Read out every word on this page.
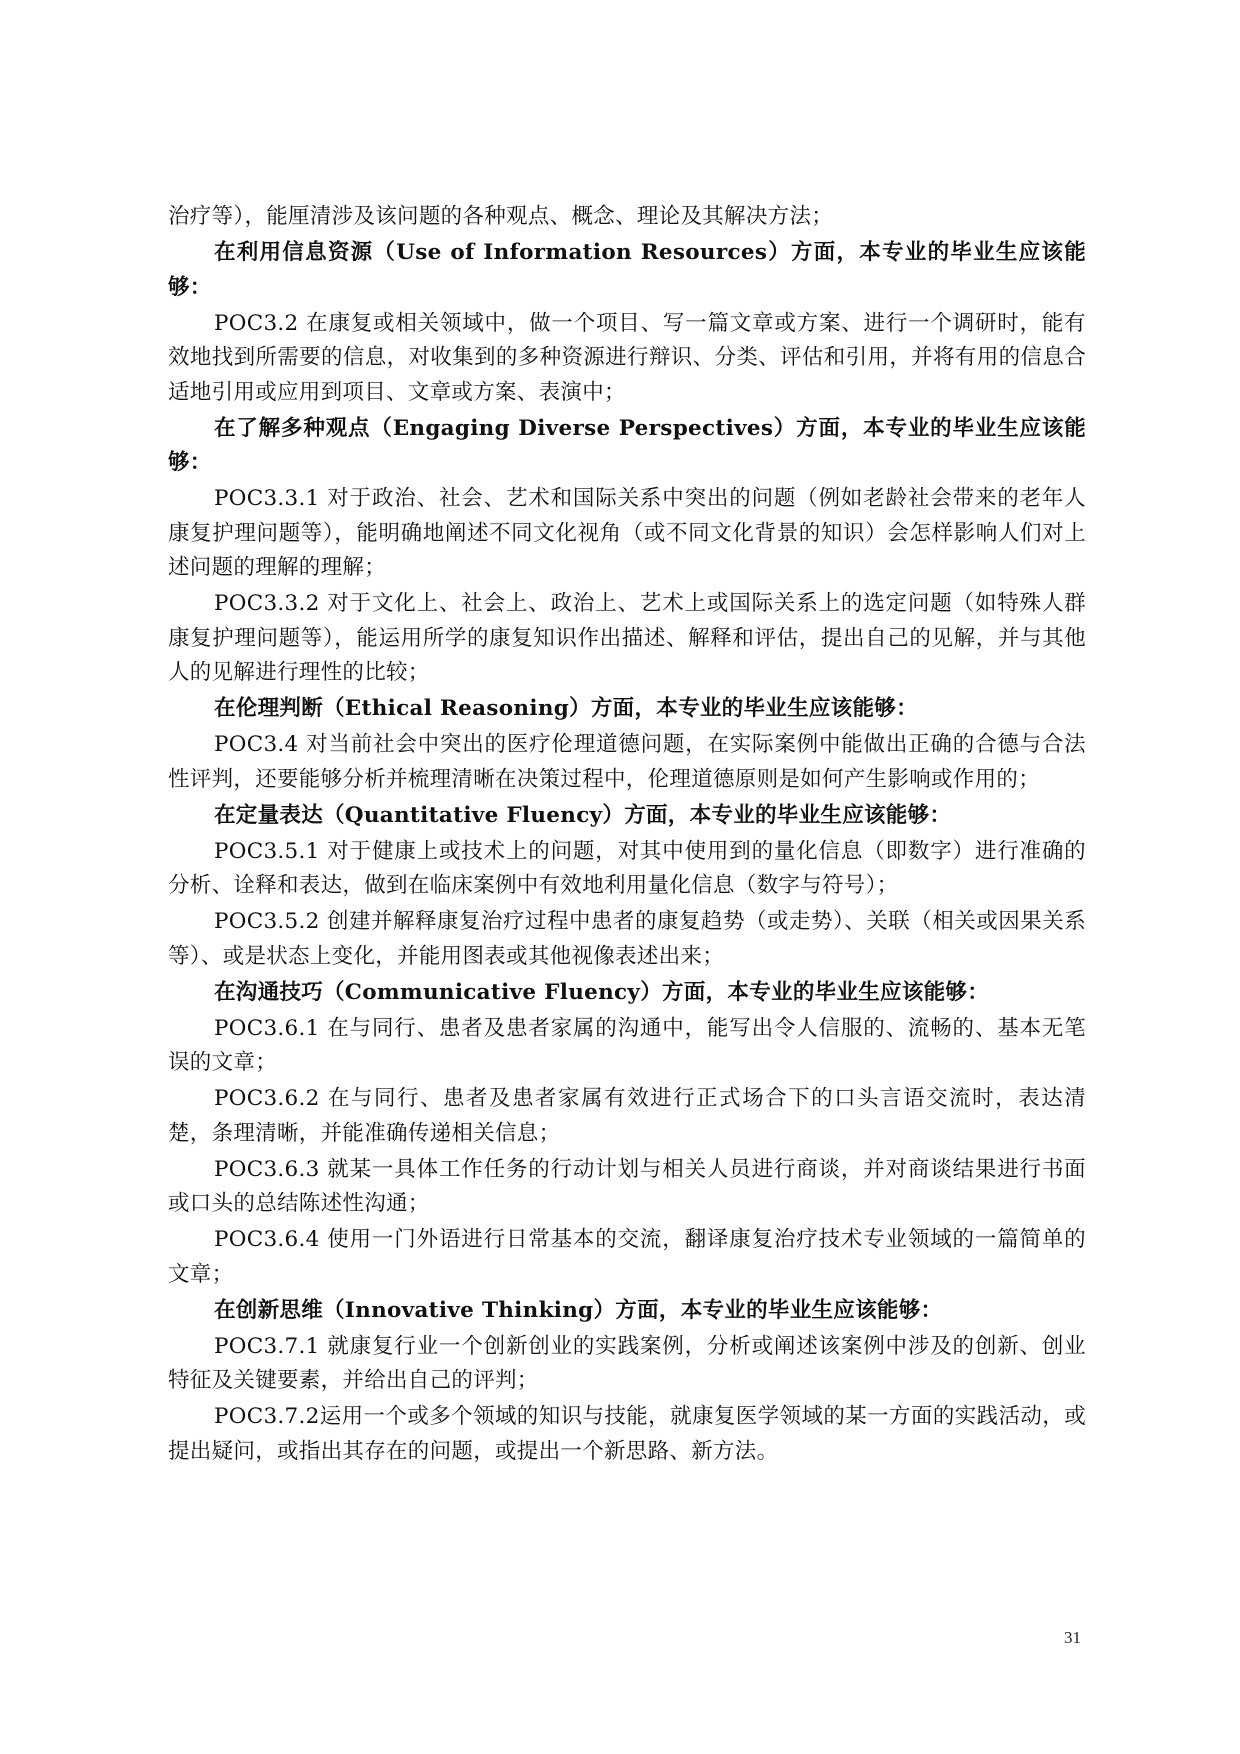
治疗等），能厘清涉及该问题的各种观点、概念、理论及其解决方法；

在利用信息资源（Use of Information Resources）方面，本专业的毕业生应该能够：

POC3.2 在康复或相关领域中，做一个项目、写一篇文章或方案、进行一个调研时，能有效地找到所需要的信息，对收集到的多种资源进行辩识、分类、评估和引用，并将有用的信息合适地引用或应用到项目、文章或方案、表演中；

在了解多种观点（Engaging Diverse Perspectives）方面，本专业的毕业生应该能够：

POC3.3.1 对于政治、社会、艺术和国际关系中突出的问题（例如老龄社会带来的老年人康复护理问题等），能明确地阐述不同文化视角（或不同文化背景的知识）会怎样影响人们对上述问题的理解的理解；

POC3.3.2 对于文化上、社会上、政治上、艺术上或国际关系上的选定问题（如特殊人群康复护理问题等），能运用所学的康复知识作出描述、解释和评估，提出自己的见解，并与其他人的见解进行理性的比较；

在伦理判断（Ethical Reasoning）方面，本专业的毕业生应该能够：

POC3.4 对当前社会中突出的医疗伦理道德问题，在实际案例中能做出正确的合德与合法性评判，还要能够分析并梳理清晰在决策过程中，伦理道德原则是如何产生影响或作用的；

在定量表达（Quantitative Fluency）方面，本专业的毕业生应该能够：

POC3.5.1 对于健康上或技术上的问题，对其中使用到的量化信息（即数字）进行准确的分析、诠释和表达，做到在临床案例中有效地利用量化信息（数字与符号）；

POC3.5.2 创建并解释康复治疗过程中患者的康复趋势（或走势）、关联（相关或因果关系等）、或是状态上变化，并能用图表或其他视像表述出来；

在沟通技巧（Communicative Fluency）方面，本专业的毕业生应该能够：

POC3.6.1 在与同行、患者及患者家属的沟通中，能写出令人信服的、流畅的、基本无笔误的文章；

POC3.6.2 在与同行、患者及患者家属有效进行正式场合下的口头言语交流时，表达清楚，条理清晰，并能准确传递相关信息；

POC3.6.3 就某一具体工作任务的行动计划与相关人员进行商谈，并对商谈结果进行书面或口头的总结陈述性沟通；

POC3.6.4 使用一门外语进行日常基本的交流，翻译康复治疗技术专业领域的一篇简单的文章；

在创新思维（Innovative Thinking）方面，本专业的毕业生应该能够：

POC3.7.1 就康复行业一个创新创业的实践案例，分析或阐述该案例中涉及的创新、创业特征及关键要素，并给出自己的评判；

POC3.7.2运用一个或多个领域的知识与技能，就康复医学领域的某一方面的实践活动，或提出疑问，或指出其存在的问题，或提出一个新思路、新方法。

31
